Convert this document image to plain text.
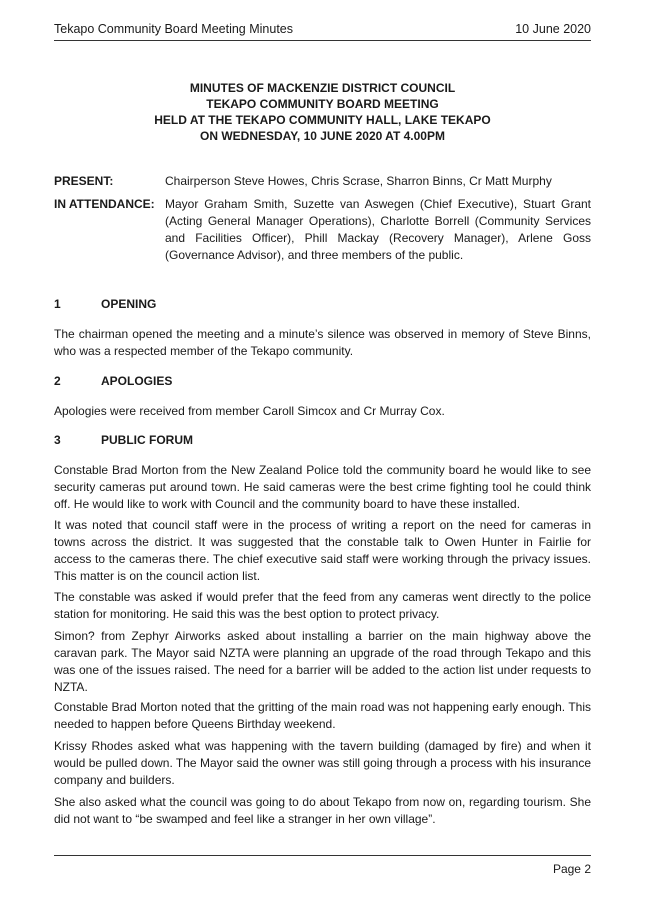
Tekapo Community Board Meeting Minutes	10 June 2020
MINUTES OF MACKENZIE DISTRICT COUNCIL
TEKAPO COMMUNITY BOARD MEETING
HELD AT THE TEKAPO COMMUNITY HALL, LAKE TEKAPO
ON WEDNESDAY, 10 JUNE 2020 AT 4.00PM
PRESENT:	Chairperson Steve Howes, Chris Scrase, Sharron Binns, Cr Matt Murphy
IN ATTENDANCE: Mayor Graham Smith, Suzette van Aswegen (Chief Executive), Stuart Grant (Acting General Manager Operations), Charlotte Borrell (Community Services and Facilities Officer), Phill Mackay (Recovery Manager), Arlene Goss (Governance Advisor), and three members of the public.
1	OPENING
The chairman opened the meeting and a minute’s silence was observed in memory of Steve Binns, who was a respected member of the Tekapo community.
2	APOLOGIES
Apologies were received from member Caroll Simcox and Cr Murray Cox.
3	PUBLIC FORUM
Constable Brad Morton from the New Zealand Police told the community board he would like to see security cameras put around town. He said cameras were the best crime fighting tool he could think off. He would like to work with Council and the community board to have these installed.
It was noted that council staff were in the process of writing a report on the need for cameras in towns across the district. It was suggested that the constable talk to Owen Hunter in Fairlie for access to the cameras there. The chief executive said staff were working through the privacy issues. This matter is on the council action list.
The constable was asked if would prefer that the feed from any cameras went directly to the police station for monitoring. He said this was the best option to protect privacy.
Simon? from Zephyr Airworks asked about installing a barrier on the main highway above the caravan park. The Mayor said NZTA were planning an upgrade of the road through Tekapo and this was one of the issues raised. The need for a barrier will be added to the action list under requests to NZTA.
Constable Brad Morton noted that the gritting of the main road was not happening early enough. This needed to happen before Queens Birthday weekend.
Krissy Rhodes asked what was happening with the tavern building (damaged by fire) and when it would be pulled down. The Mayor said the owner was still going through a process with his insurance company and builders.
She also asked what the council was going to do about Tekapo from now on, regarding tourism. She did not want to “be swamped and feel like a stranger in her own village”.
Page 2
